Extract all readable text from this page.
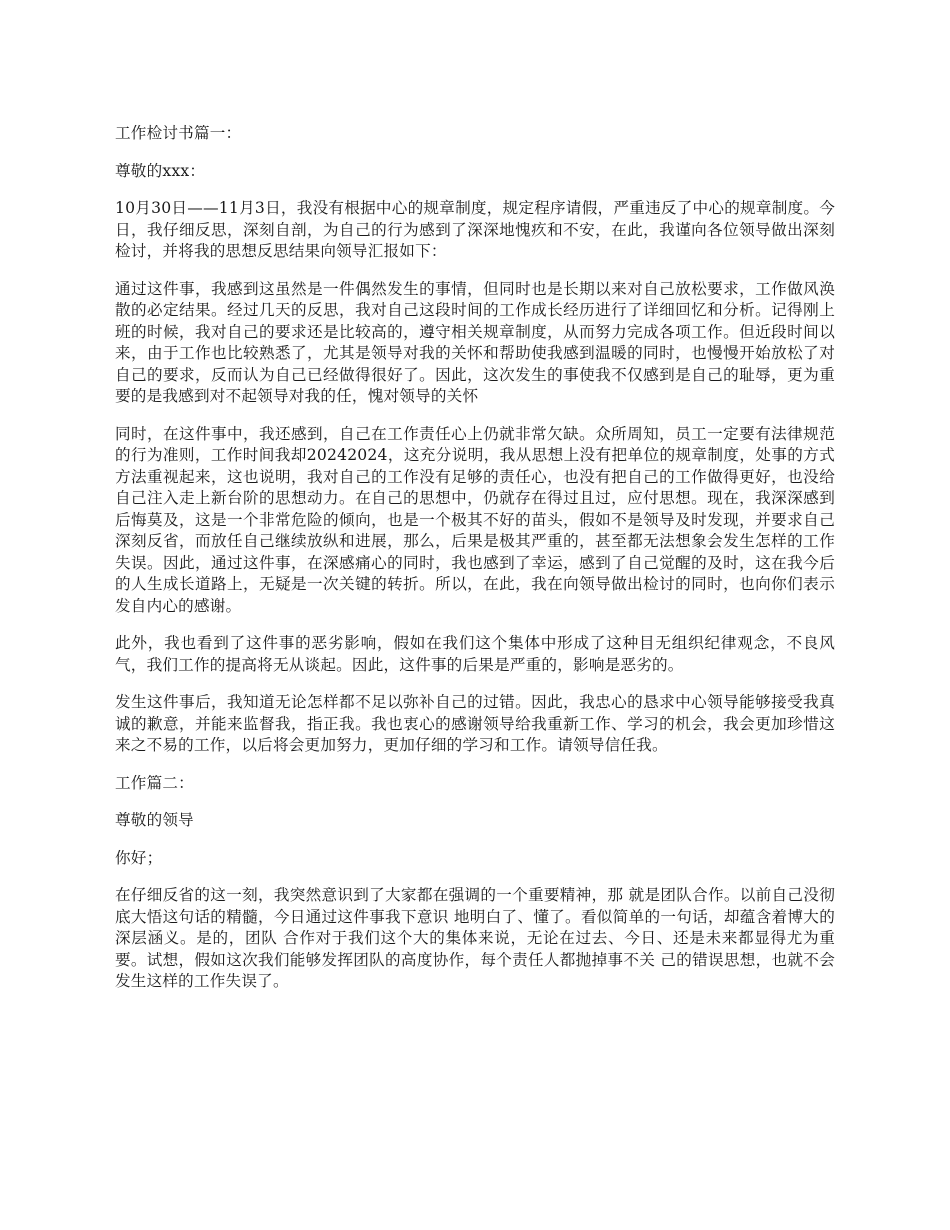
工作检讨书篇一：

尊敬的xxx：

10月30日——11月3日，我没有根据中心的规章制度，规定程序请假，严重违反了中心的规章制度。今日，我仔细反思，深刻自剖，为自己的行为感到了深深地愧疚和不安，在此，我谨向各位领导做出深刻检讨，并将我的思想反思结果向领导汇报如下：

通过这件事，我感到这虽然是一件偶然发生的事情，但同时也是长期以来对自己放松要求，工作做风涣散的必定结果。经过几天的反思，我对自己这段时间的工作成长经历进行了详细回忆和分析。记得刚上班的时候，我对自己的要求还是比较高的，遵守相关规章制度，从而努力完成各项工作。但近段时间以来，由于工作也比较熟悉了，尤其是领导对我的关怀和帮助使我感到温暖的同时，也慢慢开始放松了对自己的要求，反而认为自己已经做得很好了。因此，这次发生的事使我不仅感到是自己的耻辱，更为重要的是我感到对不起领导对我的任，愧对领导的关怀

同时，在这件事中，我还感到，自己在工作责任心上仍就非常欠缺。众所周知，员工一定要有法律规范的行为准则，工作时间我却20242024，这充分说明，我从思想上没有把单位的规章制度，处事的方式方法重视起来，这也说明，我对自己的工作没有足够的责任心，也没有把自己的工作做得更好，也没给自己注入走上新台阶的思想动力。在自己的思想中，仍就存在得过且过，应付思想。现在，我深深感到后悔莫及，这是一个非常危险的倾向，也是一个极其不好的苗头，假如不是领导及时发现，并要求自己深刻反省，而放任自己继续放纵和进展，那么，后果是极其严重的，甚至都无法想象会发生怎样的工作失误。因此，通过这件事，在深感痛心的同时，我也感到了幸运，感到了自己觉醒的及时，这在我今后的人生成长道路上，无疑是一次关键的转折。所以，在此，我在向领导做出检讨的同时，也向你们表示发自内心的感谢。

此外，我也看到了这件事的恶劣影响，假如在我们这个集体中形成了这种目无组织纪律观念，不良风气，我们工作的提高将无从谈起。因此，这件事的后果是严重的，影响是恶劣的。

发生这件事后，我知道无论怎样都不足以弥补自己的过错。因此，我忠心的恳求中心领导能够接受我真诚的歉意，并能来监督我，指正我。我也衷心的感谢领导给我重新工作、学习的机会，我会更加珍惜这来之不易的工作，以后将会更加努力，更加仔细的学习和工作。请领导信任我。

工作篇二：

尊敬的领导

你好；

在仔细反省的这一刻，我突然意识到了大家都在强调的一个重要精神，那 就是团队合作。以前自己没彻底大悟这句话的精髓，今日通过这件事我下意识 地明白了、懂了。看似简单的一句话，却蕴含着博大的深层涵义。是的，团队 合作对于我们这个大的集体来说，无论在过去、今日、还是未来都显得尤为重 要。试想，假如这次我们能够发挥团队的高度协作，每个责任人都抛掉事不关 己的错误思想，也就不会发生这样的工作失误了。
